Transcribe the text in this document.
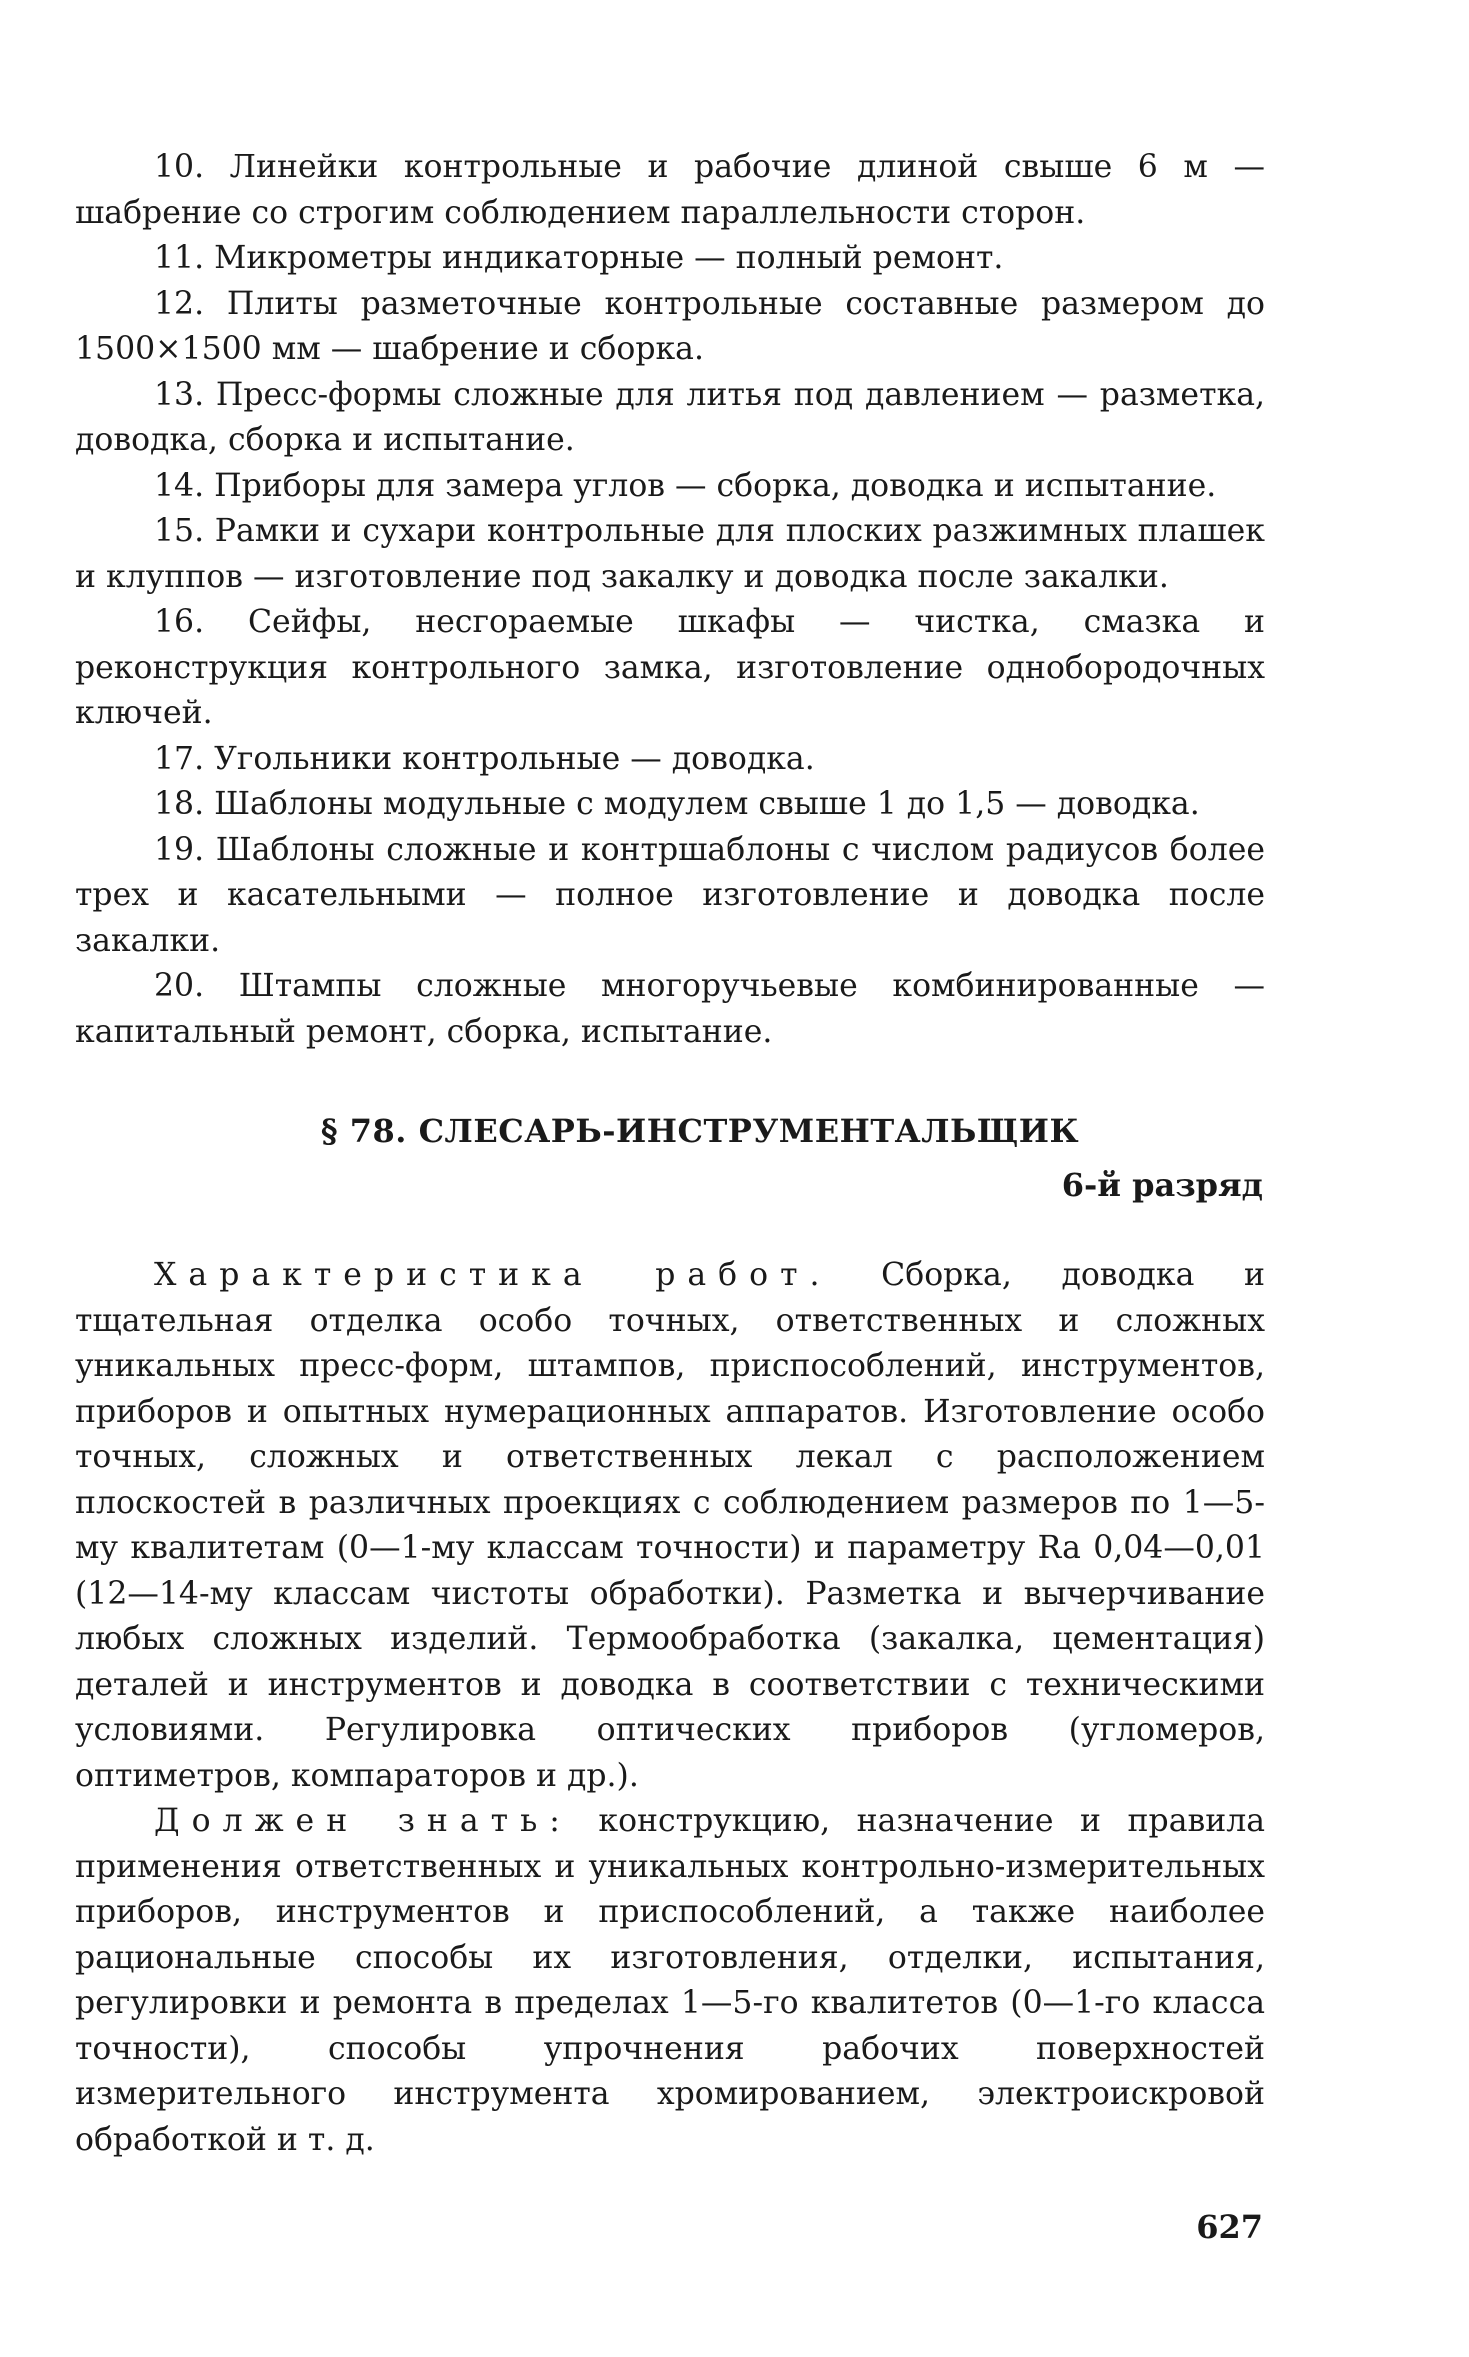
10. Линейки контрольные и рабочие длиной свыше 6 м — шабрение со строгим соблюдением параллельности сторон.

11. Микрометры индикаторные — полный ремонт.

12. Плиты разметочные контрольные составные размером до 1500×1500 мм — шабрение и сборка.

13. Пресс-формы сложные для литья под давлением — разметка, доводка, сборка и испытание.

14. Приборы для замера углов — сборка, доводка и испытание.

15. Рамки и сухари контрольные для плоских разжимных плашек и клуппов — изготовление под закалку и доводка после закалки.

16. Сейфы, несгораемые шкафы — чистка, смазка и реконструкция контрольного замка, изготовление однобородочных ключей.

17. Угольники контрольные — доводка.

18. Шаблоны модульные с модулем свыше 1 до 1,5 — доводка.

19. Шаблоны сложные и контршаблоны с числом радиусов более трех и касательными — полное изготовление и доводка после закалки.

20. Штампы сложные многоручьевые комбинированные — капитальный ремонт, сборка, испытание.

§ 78. СЛЕСАРЬ-ИНСТРУМЕНТАЛЬЩИК
6-й разряд

Характеристика работ. Сборка, доводка и тщательная отделка особо точных, ответственных и сложных уникальных пресс-форм, штампов, приспособлений, инструментов, приборов и опытных нумерационных аппаратов. Изготовление особо точных, сложных и ответственных лекал с расположением плоскостей в различных проекциях с соблюдением размеров по 1—5-му квалитетам (0—1-му классам точности) и параметру Ra 0,04—0,01 (12—14-му классам чистоты обработки). Разметка и вычерчивание любых сложных изделий. Термообработка (закалка, цементация) деталей и инструментов и доводка в соответствии с техническими условиями. Регулировка оптических приборов (угломеров, оптиметров, компараторов и др.).

Должен знать: конструкцию, назначение и правила применения ответственных и уникальных контрольно-измерительных приборов, инструментов и приспособлений, а также наиболее рациональные способы их изготовления, отделки, испытания, регулировки и ремонта в пределах 1—5-го квалитетов (0—1-го класса точности), способы упрочнения рабочих поверхностей измерительного инструмента хромированием, электроискровой обработкой и т. д.

627
